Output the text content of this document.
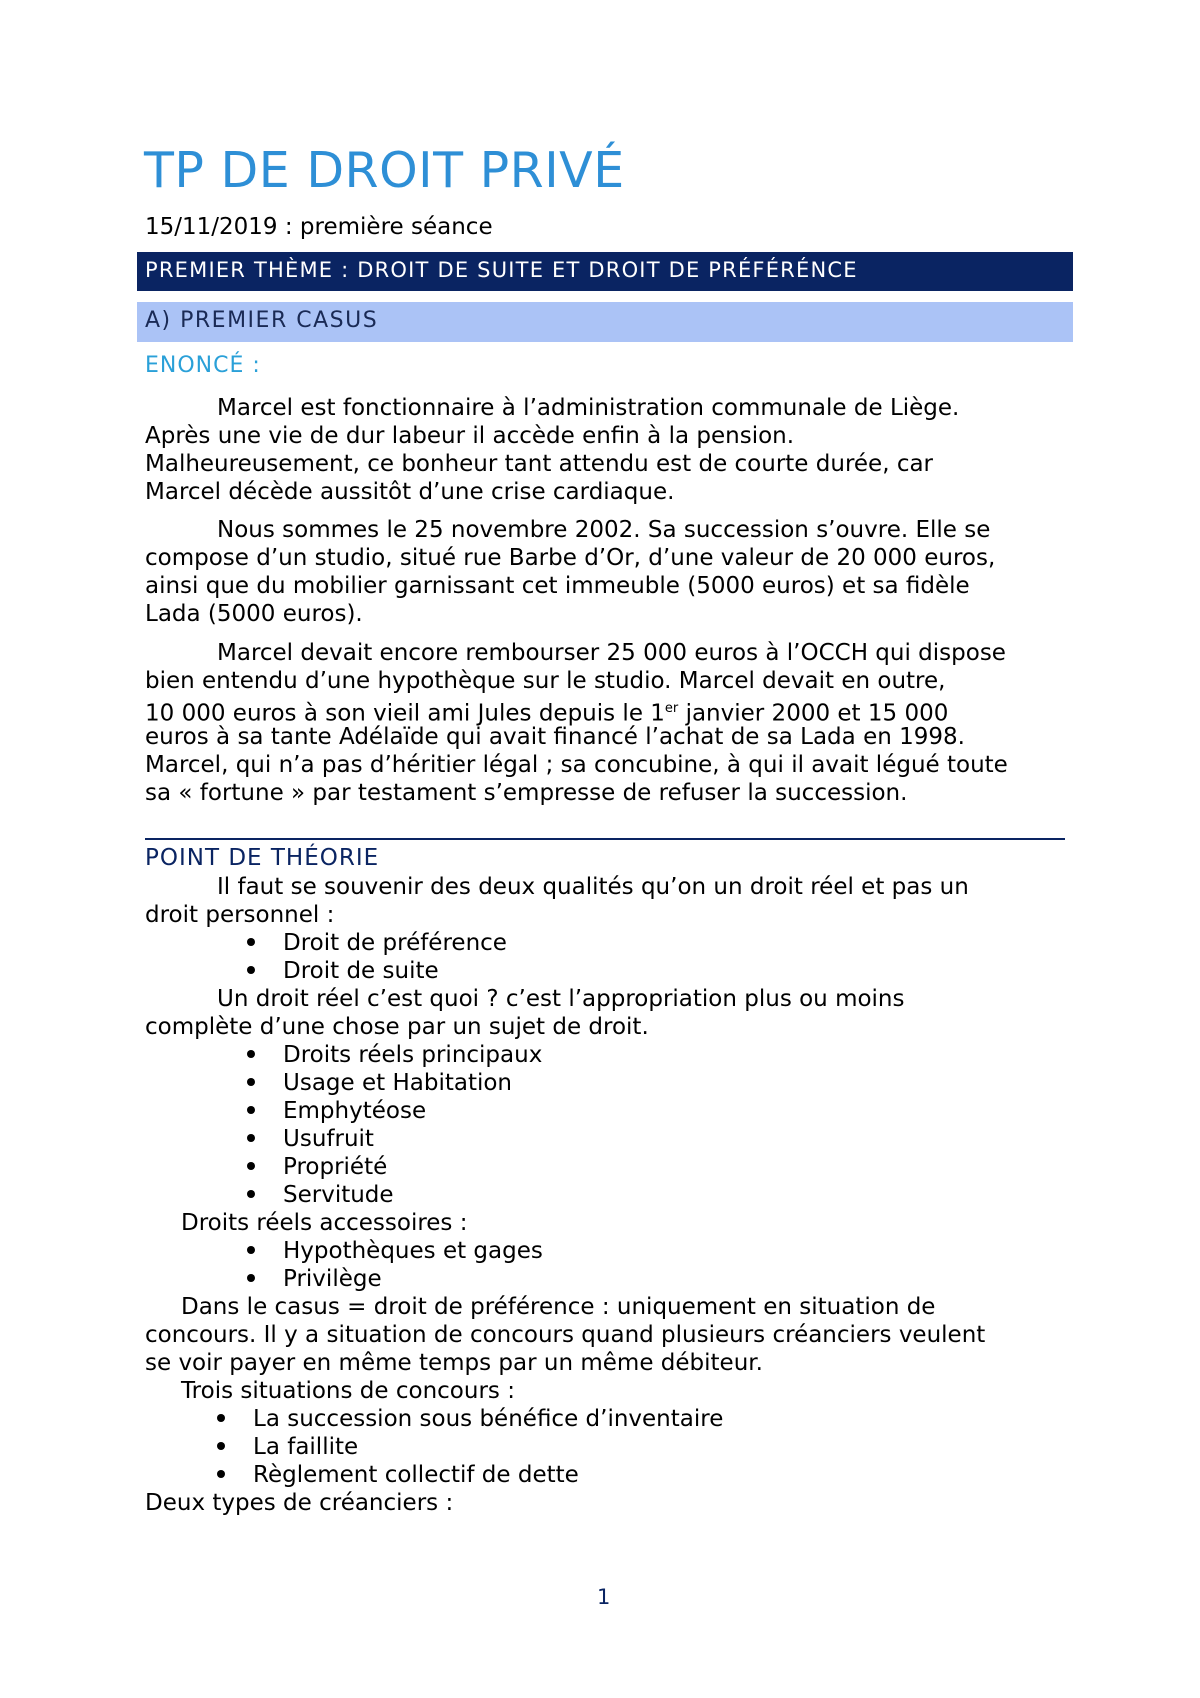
TP DE DROIT PRIVÉ
15/11/2019 : première séance
PREMIER THÈME : DROIT DE SUITE ET DROIT DE PRÉFÉRÉNCE
A) PREMIER CASUS
ENONCÉ :

Marcel est fonctionnaire à l’administration communale de Liège.

Après une vie de dur labeur il accède enfin à la pension.

Malheureusement, ce bonheur tant attendu est de courte durée, car

Marcel décède aussitôt d’une crise cardiaque.

Nous sommes le 25 novembre 2002. Sa succession s’ouvre. Elle se

compose d’un studio, situé rue Barbe d’Or, d’une valeur de 20 000 euros,

ainsi que du mobilier garnissant cet immeuble (5000 euros) et sa fidèle

Lada (5000 euros).

Marcel devait encore rembourser 25 000 euros à l’OCCH qui dispose

bien entendu d’une hypothèque sur le studio. Marcel devait en outre,

10 000 euros à son vieil ami Jules depuis le 1er janvier 2000 et 15 000

euros à sa tante Adélaïde qui avait financé l’achat de sa Lada en 1998.

Marcel, qui n’a pas d’héritier légal ; sa concubine, à qui il avait légué toute

sa « fortune » par testament s’empresse de refuser la succession.

POINT DE THÉORIE

Il faut se souvenir des deux qualités qu’on un droit réel et pas un

droit personnel :

Droit de préférence

Droit de suite

Un droit réel c’est quoi ? c’est l’appropriation plus ou moins

complète d’une chose par un sujet de droit.

Droits réels principaux

Usage et Habitation

Emphytéose

Usufruit

Propriété

Servitude

Droits réels accessoires :

Hypothèques et gages

Privilège

Dans le casus = droit de préférence : uniquement en situation de

concours. Il y a situation de concours quand plusieurs créanciers veulent

se voir payer en même temps par un même débiteur.

Trois situations de concours :

La succession sous bénéfice d’inventaire

La faillite

Règlement collectif de dette

Deux types de créanciers :

1
